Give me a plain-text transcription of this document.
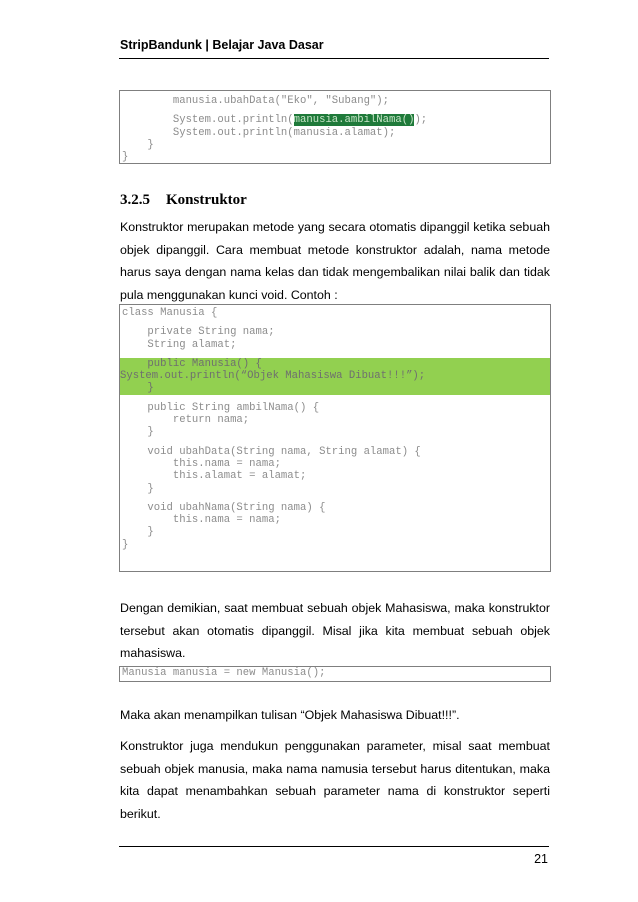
StripBandunk | Belajar Java Dasar
manusia.ubahData("Eko", "Subang");
System.out.println(manusia.ambilNama());
System.out.println(manusia.alamat);
}
}
3.2.5 Konstruktor
Konstruktor merupakan metode yang secara otomatis dipanggil ketika sebuah objek dipanggil. Cara membuat metode konstruktor adalah, nama metode harus saya dengan nama kelas dan tidak mengembalikan nilai balik dan tidak pula menggunakan kunci void. Contoh :
class Manusia {
private String nama;
String alamat;
public Manusia() {
System.out.println(“Objek Mahasiswa Dibuat!!!”);
}
public String ambilNama() {
return nama;
}
void ubahData(String nama, String alamat) {
this.nama = nama;
this.alamat = alamat;
}
void ubahNama(String nama) {
this.nama = nama;
}
}
Dengan demikian, saat membuat sebuah objek Mahasiswa, maka konstruktor tersebut akan otomatis dipanggil. Misal jika kita membuat sebuah objek mahasiswa.
Manusia manusia = new Manusia();
Maka akan menampilkan tulisan “Objek Mahasiswa Dibuat!!!”.
Konstruktor juga mendukun penggunakan parameter, misal saat membuat sebuah objek manusia, maka nama namusia tersebut harus ditentukan, maka kita dapat menambahkan sebuah parameter nama di konstruktor seperti berikut.
21
